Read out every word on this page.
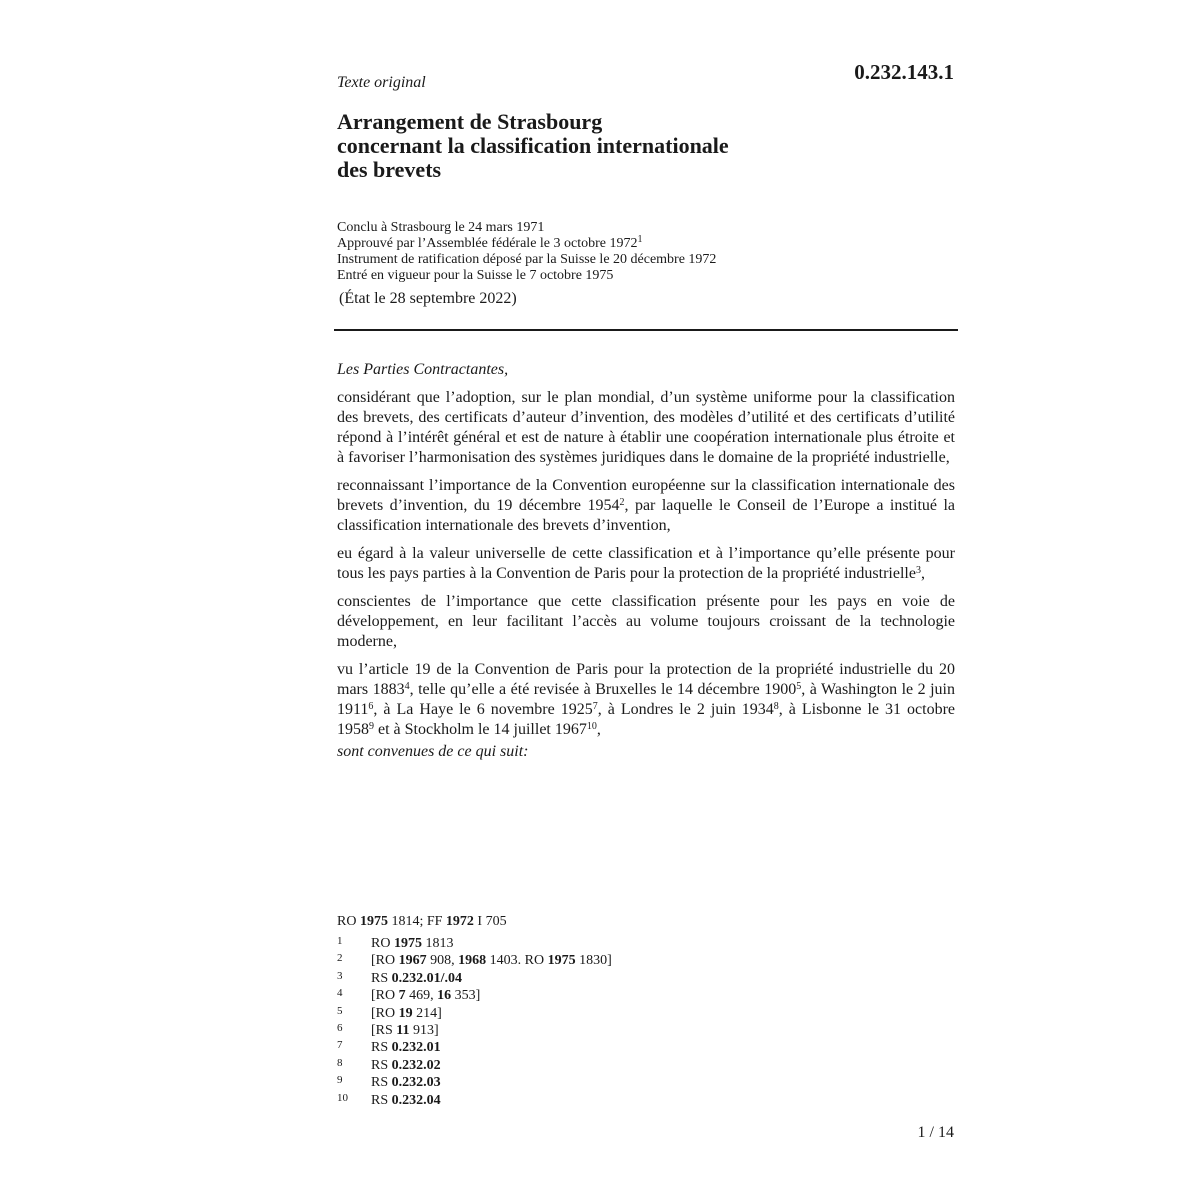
0.232.143.1
Texte original
Arrangement de Strasbourg
concernant la classification internationale
des brevets
Conclu à Strasbourg le 24 mars 1971
Approuvé par l’Assemblée fédérale le 3 octobre 1972$^1$
Instrument de ratification déposé par la Suisse le 20 décembre 1972
Entré en vigueur pour la Suisse le 7 octobre 1975
(État le 28 septembre 2022)

Les Parties Contractantes,

considérant que l’adoption, sur le plan mondial, d’un système uniforme pour la classification des brevets, des certificats d’auteur d’invention, des modèles d’utilité et des certificats d’utilité répond à l’intérêt général et est de nature à établir une coopération internationale plus étroite et à favoriser l’harmonisation des systèmes juridiques dans le domaine de la propriété industrielle,

reconnaissant l’importance de la Convention européenne sur la classification internationale des brevets d’invention, du 19 décembre 1954$^2$, par laquelle le Conseil de l’Europe a institué la classification internationale des brevets d’invention,

eu égard à la valeur universelle de cette classification et à l’importance qu’elle présente pour tous les pays parties à la Convention de Paris pour la protection de la propriété industrielle$^3$,

conscientes de l’importance que cette classification présente pour les pays en voie de développement, en leur facilitant l’accès au volume toujours croissant de la technologie moderne,

vu l’article 19 de la Convention de Paris pour la protection de la propriété industrielle du 20 mars 1883$^4$, telle qu’elle a été revisée à Bruxelles le 14 décembre 1900$^5$, à Washington le 2 juin 1911$^6$, à La Haye le 6 novembre 1925$^7$, à Londres le 2 juin 1934$^8$, à Lisbonne le 31 octobre 1958$^9$ et à Stockholm le 14 juillet 1967$^{10}$,

sont convenues de ce qui suit:

RO 1975 1814; FF 1972 I 705
1 RO 1975 1813
2 [RO 1967 908, 1968 1403. RO 1975 1830]
3 RS 0.232.01/.04
4 [RO 7 469, 16 353]
5 [RO 19 214]
6 [RS 11 913]
7 RS 0.232.01
8 RS 0.232.02
9 RS 0.232.03
10 RS 0.232.04
1 / 14
